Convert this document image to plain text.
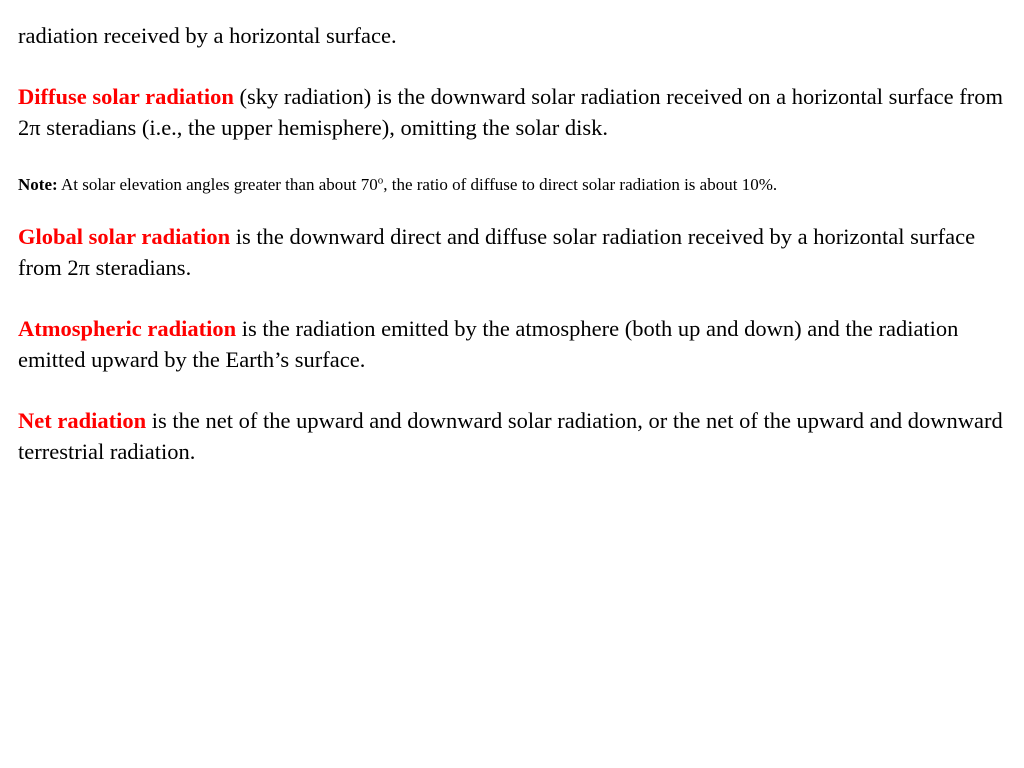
radiation received by a horizontal surface.

Diffuse solar radiation (sky radiation) is the downward solar radiation received on a horizontal surface from 2π steradians (i.e., the upper hemisphere), omitting the solar disk.

Note: At solar elevation angles greater than about 70$^o$, the ratio of diffuse to direct solar radiation is about 10%.

Global solar radiation is the downward direct and diffuse solar radiation received by a horizontal surface from 2π steradians.

Atmospheric radiation is the radiation emitted by the atmosphere (both up and down) and the radiation emitted upward by the Earth’s surface.

Net radiation is the net of the upward and downward solar radiation, or the net of the upward and downward terrestrial radiation.
